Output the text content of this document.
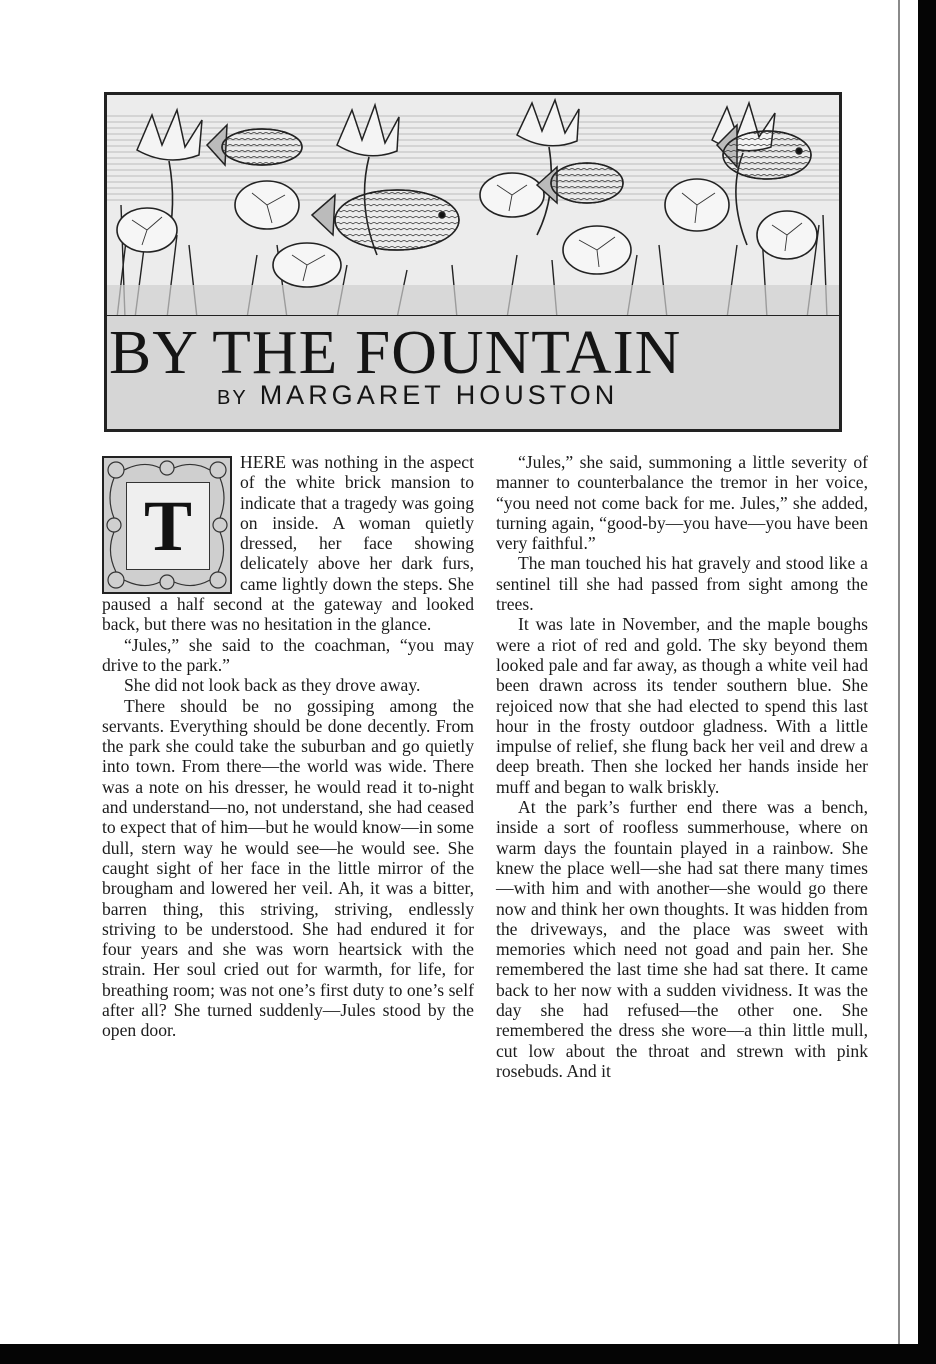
BY THE FOUNTAIN
BY MARGARET HOUSTON
T

HERE was nothing in the aspect of the white brick mansion to indicate that a tragedy was going on inside. A woman quietly dressed, her face showing delicately above her dark furs, came lightly down the steps. She paused a half second at the gateway and looked back, but there was no hesitation in the glance.

“Jules,” she said to the coachman, “you may drive to the park.”

She did not look back as they drove away.

There should be no gossiping among the servants. Everything should be done decently. From the park she could take the suburban and go quietly into town. From there—the world was wide. There was a note on his dresser, he would read it to-night and understand—no, not understand, she had ceased to expect that of him—but he would know—in some dull, stern way he would see—he would see. She caught sight of her face in the little mirror of the brougham and lowered her veil. Ah, it was a bitter, barren thing, this striving, striving, endlessly striving to be understood. She had endured it for four years and she was worn heartsick with the strain. Her soul cried out for warmth, for life, for breathing room; was not one’s first duty to one’s self after all? She turned suddenly—Jules stood by the open door.

“Jules,” she said, summoning a little severity of manner to counterbalance the tremor in her voice, “you need not come back for me. Jules,” she added, turning again, “good-by—you have—you have been very faithful.”

The man touched his hat gravely and stood like a sentinel till she had passed from sight among the trees.

It was late in November, and the maple boughs were a riot of red and gold. The sky beyond them looked pale and far away, as though a white veil had been drawn across its tender southern blue. She rejoiced now that she had elected to spend this last hour in the frosty outdoor gladness. With a little impulse of relief, she flung back her veil and drew a deep breath. Then she locked her hands inside her muff and began to walk briskly.

At the park’s further end there was a bench, inside a sort of roofless summerhouse, where on warm days the fountain played in a rainbow. She knew the place well—she had sat there many times—with him and with another—she would go there now and think her own thoughts. It was hidden from the driveways, and the place was sweet with memories which need not goad and pain her. She remembered the last time she had sat there. It came back to her now with a sudden vividness. It was the day she had refused—the other one. She remembered the dress she wore—a thin little mull, cut low about the throat and strewn with pink rosebuds. And it
